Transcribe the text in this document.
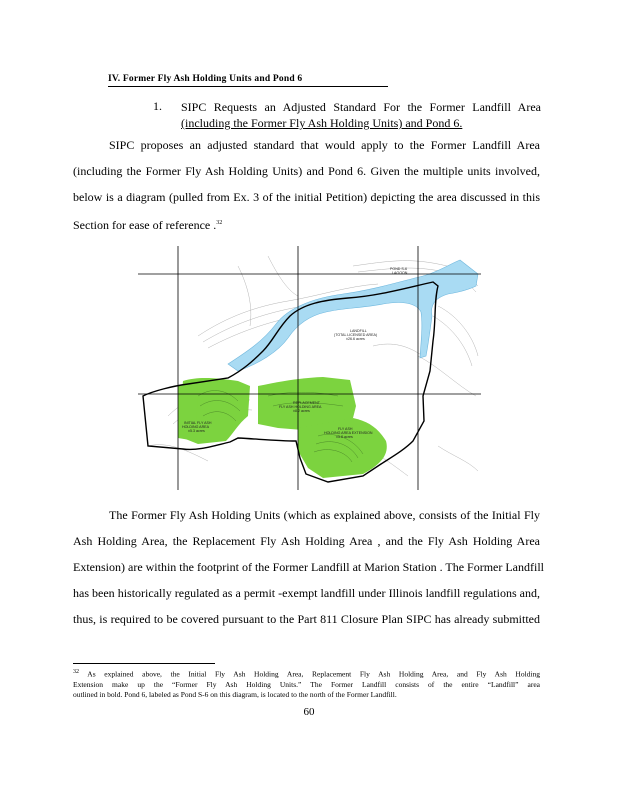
IV. Former Fly Ash Holding Units and Pond 6
1. SIPC Requests an Adjusted Standard For the Former Landfill Area
(including the Former Fly Ash Holding Units) and Pond 6.
SIPC proposes an adjusted standard that would apply to the Former Landfill Area
(including the Former Fly Ash Holding Units) and Pond 6. Given the multiple units involved,
below is a diagram (pulled from Ex. 3 of the initial Petition) depicting the area discussed in this
Section for ease of reference .$^{32}$
POND S-6 LAGOON
LANDFILL (TOTAL LICENSED AREA) ±26.6 acres
REPLACEMENT FLY ASH HOLDING AREA ±8.2 acres
INITIAL FLY ASH HOLDING AREA ±5.3 acres	FLY ASH HOLDING AREA EXTENSION ±5.8 acres
The Former Fly Ash Holding Units (which as explained above, consists of the Initial Fly
Ash Holding Area, the Replacement Fly Ash Holding Area , and the Fly Ash Holding Area
Extension) are within the footprint of the Former Landfill at Marion Station . The Former Landfill
has been historically regulated as a permit -exempt landfill under Illinois landfill regulations and,
thus, is required to be covered pursuant to the Part 811 Closure Plan SIPC has already submitted
$^{32}$ As explained above, the Initial Fly Ash Holding Area, Replacement Fly Ash Holding Area, and Fly Ash Holding
Extension make up the “Former Fly Ash Holding Units.” The Former Landfill consists of the entire “Landfill” area
outlined in bold. Pond 6, labeled as Pond S-6 on this diagram, is located to the north of the Former Landfill.
60
